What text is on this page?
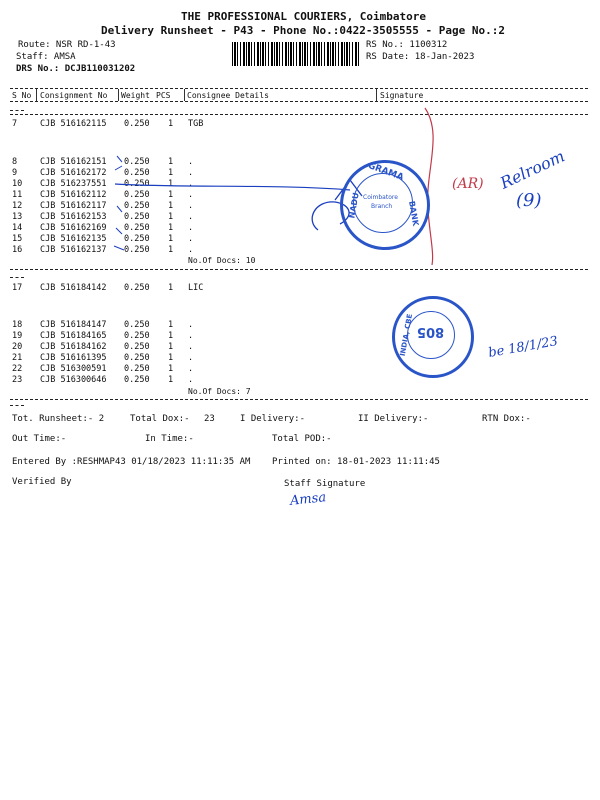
THE PROFESSIONAL COURIERS, Coimbatore
Delivery Runsheet - P43 - Phone No.:0422-3505555 - Page No.:2
Route: NSR RD-1-43
Staff: AMSA
DRS No.: DCJB110031202
RS No.: 1100312
RS Date: 18-Jan-2023
S No Consignment No Weight PCS Consignee Details	Signature
7	CJB 516162115 0.250 1 TGB
8	CJB 516162151 0.250 1 .
9	CJB 516162172 0.250 1 .
10 CJB 516237551 0.250 1 .
11 CJB 516162112 0.250 1 .
12 CJB 516162117 0.250 1 .
13 CJB 516162153 0.250 1 .
14 CJB 516162169 0.250 1 .
15 CJB 516162135 0.250 1 .
16 CJB 516162137 0.250 1 .
No.Of Docs: 10
17 CJB 516184142 0.250 1 LIC
18 CJB 516184147 0.250 1 .
19 CJB 516184165 0.250 1 .
20 CJB 516184162 0.250 1 .
21 CJB 516161395 0.250 1 .
22 CJB 516300591 0.250 1 .
23 CJB 516300646 0.250 1 .
No.Of Docs: 7
Tot. Runsheet:- 2	Total Dox:- 23	I Delivery:-	II Delivery:-	RTN Dox:-
Out Time:-	In Time:-	Total POD:-
Entered By :RESHMAP43 01/18/2023 11:11:35 AM Printed on: 18-01-2023 11:11:45
Verified By	Staff Signature
GRAMA
NADU	BANK
Coimbatore
Branch
805
INDIA, CBE
(AR) Relroom
(9)
be 18/1/23
Amsa
